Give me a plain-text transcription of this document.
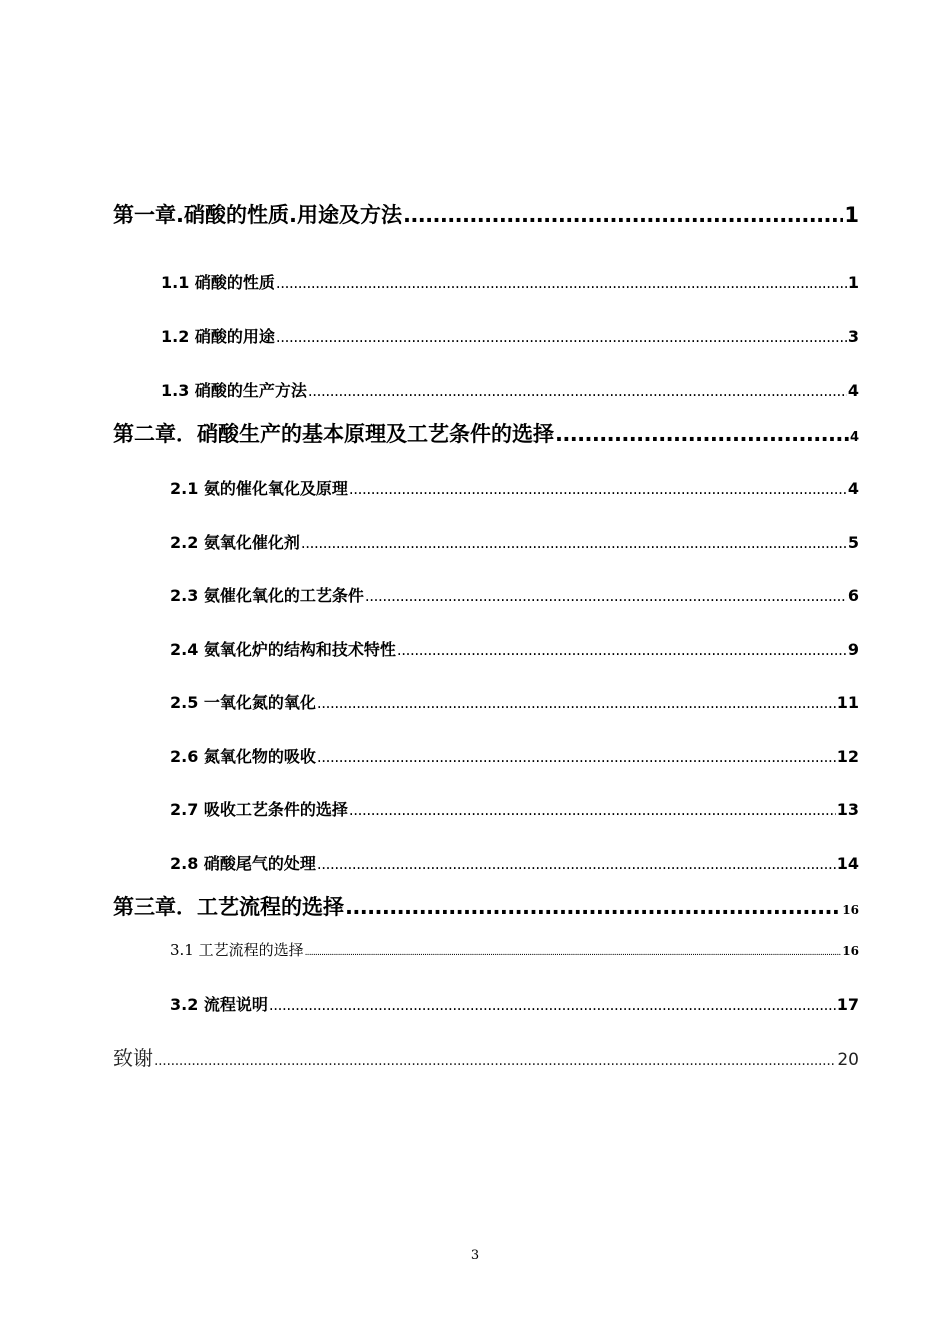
第一章.硝酸的性质.用途及方法 .....	1
1.1 硝酸的性质 .....	1
1.2 硝酸的用途 .....	3
1.3 硝酸的生产方法 .....	4
第二章．硝酸生产的基本原理及工艺条件的选择 .....	4
2.1 氨的催化氧化及原理 .....	4
2.2 氨氧化催化剂 .....	5
2.3 氨催化氧化的工艺条件 .....	6
2.4 氨氧化炉的结构和技术特性 .....	9
2.5 一氧化氮的氧化 .....	11
2.6 氮氧化物的吸收 .....	12
2.7 吸收工艺条件的选择 .....	13
2.8 硝酸尾气的处理 .....	14
第三章．工艺流程的选择 .....	16
3.1 工艺流程的选择 .....	16
3.2 流程说明 .....	17
致谢 .....	20
3
